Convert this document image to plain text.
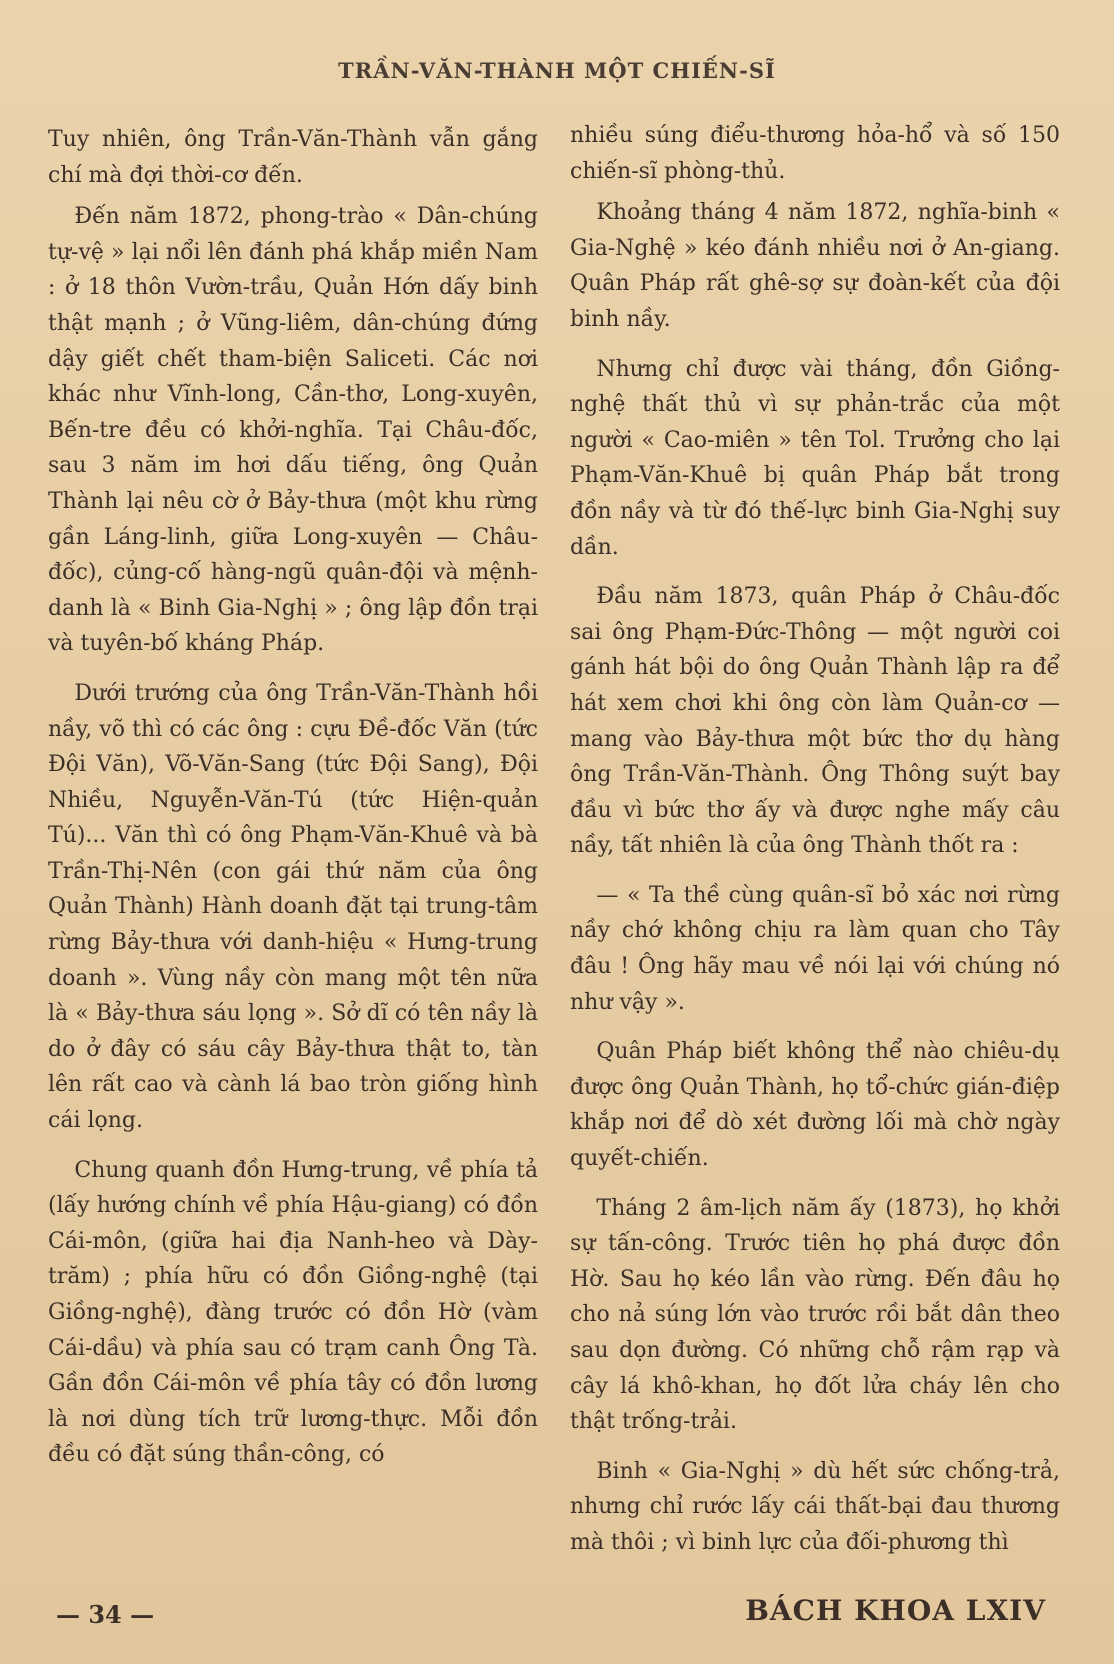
TRẦN-VĂN-THÀNH MỘT CHIẾN-SĨ

Tuy nhiên, ông Trần-Văn-Thành vẫn gắng chí mà đợi thời-cơ đến.

Đến năm 1872, phong-trào « Dân-chúng tự-vệ » lại nổi lên đánh phá khắp miền Nam : ở 18 thôn Vườn-trầu, Quản Hớn dấy binh thật mạnh ; ở Vũng-liêm, dân-chúng đứng dậy giết chết tham-biện Saliceti. Các nơi khác như Vĩnh-long, Cần-thơ, Long-xuyên, Bến-tre đều có khởi-nghĩa. Tại Châu-đốc, sau 3 năm im hơi dấu tiếng, ông Quản Thành lại nêu cờ ở Bảy-thưa (một khu rừng gần Láng-linh, giữa Long-xuyên — Châu-đốc), củng-cố hàng-ngũ quân-đội và mệnh-danh là « Binh Gia-Nghị » ; ông lập đồn trại và tuyên-bố kháng Pháp.

Dưới trướng của ông Trần-Văn-Thành hồi nầy, võ thì có các ông : cựu Đề-đốc Văn (tức Đội Văn), Võ-Văn-Sang (tức Đội Sang), Đội Nhiều, Nguyễn-Văn-Tú (tức Hiện-quản Tú)... Văn thì có ông Phạm-Văn-Khuê và bà Trần-Thị-Nên (con gái thứ năm của ông Quản Thành) Hành doanh đặt tại trung-tâm rừng Bảy-thưa với danh-hiệu « Hưng-trung doanh ». Vùng nầy còn mang một tên nữa là « Bảy-thưa sáu lọng ». Sở dĩ có tên nầy là do ở đây có sáu cây Bảy-thưa thật to, tàn lên rất cao và cành lá bao tròn giống hình cái lọng.

Chung quanh đồn Hưng-trung, về phía tả (lấy hướng chính về phía Hậu-giang) có đồn Cái-môn, (giữa hai địa Nanh-heo và Dày-trăm) ; phía hữu có đồn Giồng-nghệ (tại Giồng-nghệ), đàng trước có đồn Hờ (vàm Cái-dầu) và phía sau có trạm canh Ông Tà. Gần đồn Cái-môn về phía tây có đồn lương là nơi dùng tích trữ lương-thực. Mỗi đồn đều có đặt súng thần-công, có

nhiều súng điểu-thương hỏa-hổ và số 150 chiến-sĩ phòng-thủ.

Khoảng tháng 4 năm 1872, nghĩa-binh « Gia-Nghệ » kéo đánh nhiều nơi ở An-giang. Quân Pháp rất ghê-sợ sự đoàn-kết của đội binh nầy.

Nhưng chỉ được vài tháng, đồn Giồng-nghệ thất thủ vì sự phản-trắc của một người « Cao-miên » tên Tol. Trưởng cho lại Phạm-Văn-Khuê bị quân Pháp bắt trong đồn nầy và từ đó thế-lực binh Gia-Nghị suy dần.

Đầu năm 1873, quân Pháp ở Châu-đốc sai ông Phạm-Đức-Thông — một người coi gánh hát bội do ông Quản Thành lập ra để hát xem chơi khi ông còn làm Quản-cơ — mang vào Bảy-thưa một bức thơ dụ hàng ông Trần-Văn-Thành. Ông Thông suýt bay đầu vì bức thơ ấy và được nghe mấy câu nầy, tất nhiên là của ông Thành thốt ra :

— « Ta thề cùng quân-sĩ bỏ xác nơi rừng nầy chớ không chịu ra làm quan cho Tây đâu ! Ông hãy mau về nói lại với chúng nó như vậy ».

Quân Pháp biết không thể nào chiêu-dụ được ông Quản Thành, họ tổ-chức gián-điệp khắp nơi để dò xét đường lối mà chờ ngày quyết-chiến.

Tháng 2 âm-lịch năm ấy (1873), họ khởi sự tấn-công. Trước tiên họ phá được đồn Hờ. Sau họ kéo lần vào rừng. Đến đâu họ cho nả súng lớn vào trước rồi bắt dân theo sau dọn đường. Có những chỗ rậm rạp và cây lá khô-khan, họ đốt lửa cháy lên cho thật trống-trải.

Binh « Gia-Nghị » dù hết sức chống-trả, nhưng chỉ rước lấy cái thất-bại đau thương mà thôi ; vì binh lực của đối-phương thì

— 34 —	BÁCH KHOA LXIV
